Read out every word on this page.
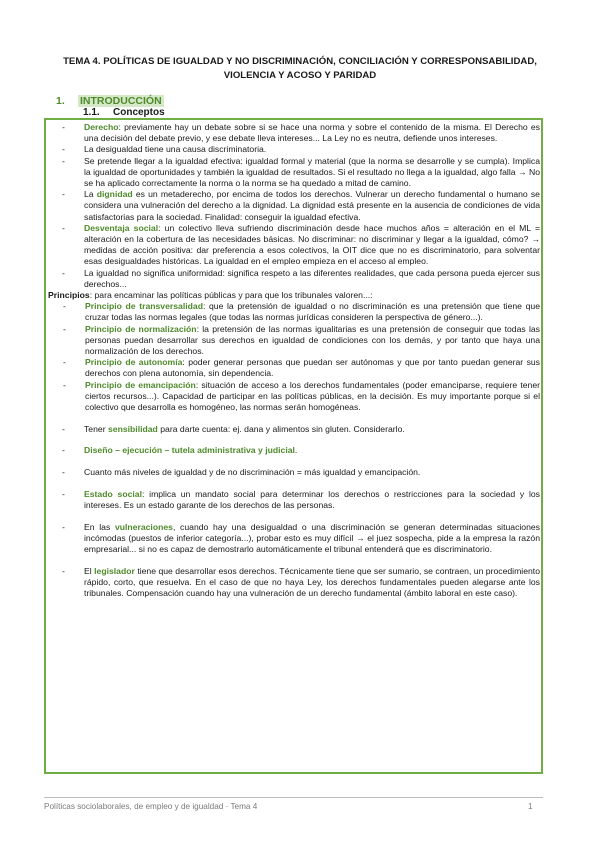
TEMA 4. POLÍTICAS DE IGUALDAD Y NO DISCRIMINACIÓN, CONCILIACIÓN Y CORRESPONSABILIDAD, VIOLENCIA Y ACOSO Y PARIDAD
1. INTRODUCCIÓN
1.1. Conceptos
- Derecho: previamente hay un debate sobre si se hace una norma y sobre el contenido de la misma. El Derecho es una decisión del debate previo, y ese debate lleva intereses... La Ley no es neutra, defiende unos intereses.
- La desigualdad tiene una causa discriminatoria.
- Se pretende llegar a la igualdad efectiva: igualdad formal y material (que la norma se desarrolle y se cumpla). Implica la igualdad de oportunidades y también la igualdad de resultados. Si el resultado no llega a la igualdad, algo falla → No se ha aplicado correctamente la norma o la norma se ha quedado a mitad de camino.
- La dignidad es un metaderecho, por encima de todos los derechos. Vulnerar un derecho fundamental o humano se considera una vulneración del derecho a la dignidad. La dignidad está presente en la ausencia de condiciones de vida satisfactorias para la sociedad. Finalidad: conseguir la igualdad efectiva.
- Desventaja social: un colectivo lleva sufriendo discriminación desde hace muchos años = alteración en el ML = alteración en la cobertura de las necesidades básicas. No discriminar: no discriminar y llegar a la igualdad, cómo? → medidas de acción positiva: dar preferencia a esos colectivos, la OIT dice que no es discriminatorio, para solventar esas desigualdades históricas. La igualdad en el empleo empieza en el acceso al empleo.
- La igualdad no significa uniformidad: significa respeto a las diferentes realidades, que cada persona pueda ejercer sus derechos...

Principios: para encaminar las políticas públicas y para que los tribunales valoren...:

- Principio de transversalidad: que la pretensión de igualdad o no discriminación es una pretensión que tiene que cruzar todas las normas legales (que todas las normas jurídicas consideren la perspectiva de género...).
- Principio de normalización: la pretensión de las normas igualitarias es una pretensión de conseguir que todas las personas puedan desarrollar sus derechos en igualdad de condiciones con los demás, y por tanto que haya una normalización de los derechos.
- Principio de autonomía: poder generar personas que puedan ser autónomas y que por tanto puedan generar sus derechos con plena autonomía, sin dependencia.
- Principio de emancipación: situación de acceso a los derechos fundamentales (poder emanciparse, requiere tener ciertos recursos...). Capacidad de participar en las políticas públicas, en la decisión. Es muy importante porque si el colectivo que desarrolla es homogéneo, las normas serán homogéneas.
- Tener sensibilidad para darte cuenta: ej. dana y alimentos sin gluten. Considerarlo.
- Diseño – ejecución – tutela administrativa y judicial.
- Cuanto más niveles de igualdad y de no discriminación = más igualdad y emancipación.
- Estado social: implica un mandato social para determinar los derechos o restricciones para la sociedad y los intereses. Es un estado garante de los derechos de las personas.
- En las vulneraciones, cuando hay una desigualdad o una discriminación se generan determinadas situaciones incómodas (puestos de inferior categoría...), probar esto es muy difícil → el juez sospecha, pide a la empresa la razón empresarial... si no es capaz de demostrarlo automáticamente el tribunal entenderá que es discriminatorio.
- El legislador tiene que desarrollar esos derechos. Técnicamente tiene que ser sumario, se contraen, un procedimiento rápido, corto, que resuelva. En el caso de que no haya Ley, los derechos fundamentales pueden alegarse ante los tribunales. Compensación cuando hay una vulneración de un derecho fundamental (ámbito laboral en este caso).
Políticas sociolaborales, de empleo y de igualdad · Tema 4	1
